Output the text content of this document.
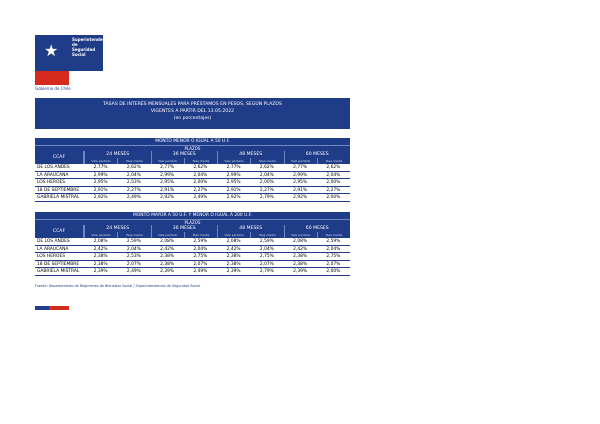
★
Superintendencia
de Seguridad
Social
Gobierno de Chile
TASAS DE INTERÉS MENSUALES PARA PRÉSTAMOS EN PESOS, SEGÚN PLAZOS
VIGENTES A PARTIR DEL 13.05.2022
(en porcentajes)
MONTO MENOR O IGUAL A 50 U.F.
PLAZOS
CCAF
24 MESES	36 MESES	48 MESES	60 MESES
Vale pactado	Tasa media	Vale pactado	Tasa media	Vale pactado	Tasa media	Vale pactado	Tasa media
DE LOS ANDES	2,77%	2,62%	2,77%	2,62%	2,77%	2,62%	2,77%	2,62%
LA ARAUCANA	2,99%	2,04%	2,99%	2,04%	2,99%	2,04%	2,99%	2,04%
LOS HEROES	2,95%	2,53%	2,95%	2,00%	2,95%	2,00%	2,95%	2,00%
18 DE SEPTIEMBRE	2,91%	2,27%	2,91%	2,27%	2,91%	2,27%	2,91%	2,27%
GABRIELA MISTRAL	2,92%	2,49%	2,92%	2,49%	2,92%	2,79%	2,92%	2,00%
MONTO MAYOR A 50 U.F. Y MENOR O IGUAL A 200 U.F.
PLAZOS
CCAF
24 MESES	36 MESES	48 MESES	60 MESES
Vale pactado	Tasa media	Vale pactado	Tasa media	Vale pactado	Tasa media	Vale pactado	Tasa media
DE LOS ANDES	2,08%	2,59%	2,08%	2,59%	2,08%	2,59%	2,08%	2,59%
LA ARAUCANA	2,42%	2,04%	2,42%	2,04%	2,42%	2,04%	2,42%	2,04%
LOS HEROES	2,38%	2,53%	2,38%	2,75%	2,38%	2,75%	2,38%	2,75%
18 DE SEPTIEMBRE	2,38%	2,07%	2,38%	2,07%	2,38%	2,07%	2,38%	2,07%
GABRIELA MISTRAL	2,39%	2,49%	2,39%	2,49%	2,39%	2,79%	2,39%	2,00%
Fuente: Departamento de Regímenes de Bienestar Social / Superintendencia de Seguridad Social
